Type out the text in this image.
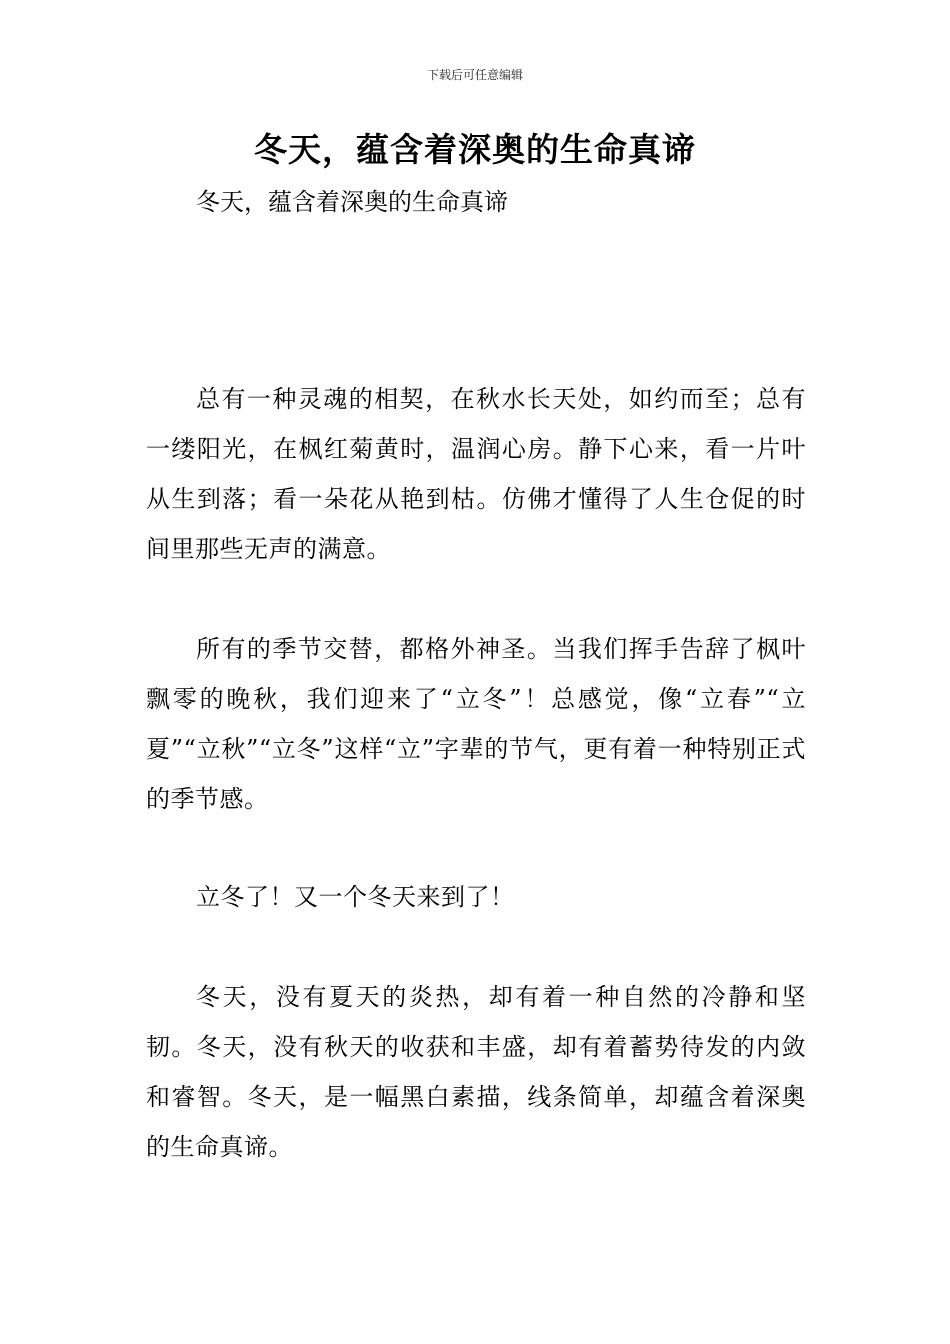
下载后可任意编辑
冬天，蕴含着深奥的生命真谛

冬天，蕴含着深奥的生命真谛

总有一种灵魂的相契，在秋水长天处，如约而至；总有一缕阳光，在枫红菊黄时，温润心房。静下心来，看一片叶从生到落；看一朵花从艳到枯。仿佛才懂得了人生仓促的时间里那些无声的满意。

所有的季节交替，都格外神圣。当我们挥手告辞了枫叶飘零的晚秋，我们迎来了“立冬”！总感觉，像“立春”“立夏”“立秋”“立冬”这样“立”字辈的节气，更有着一种特别正式的季节感。

立冬了！又一个冬天来到了！

冬天，没有夏天的炎热，却有着一种自然的冷静和坚韧。冬天，没有秋天的收获和丰盛，却有着蓄势待发的内敛和睿智。冬天，是一幅黑白素描，线条简单，却蕴含着深奥的生命真谛。
